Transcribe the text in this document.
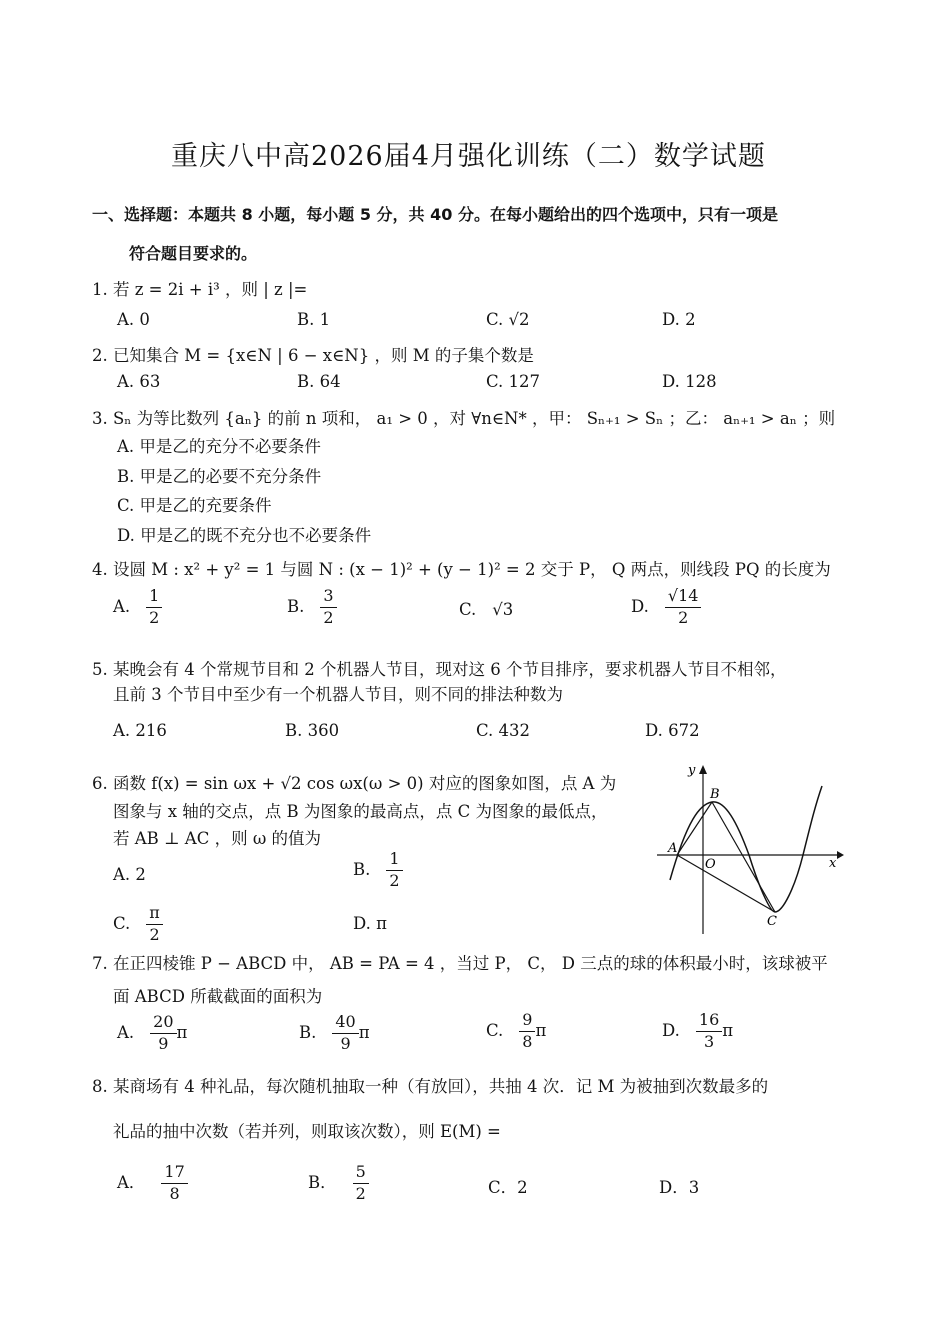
重庆八中高2026届4月强化训练（二）数学试题
一、选择题：本题共 8 小题，每小题 5 分，共 40 分。在每小题给出的四个选项中，只有一项是
符合题目要求的。
1. 若 z = 2i + i³ ，则 | z |=
A. 0	B. 1	C. √2	D. 2
2. 已知集合 M = {x∈N | 6 − x∈N} ，则 M 的子集个数是
A. 63	B. 64	C. 127	D. 128
3. Sₙ 为等比数列 {aₙ} 的前 n 项和， a₁ > 0 ，对 ∀n∈N* ，甲： Sₙ₊₁ > Sₙ ；乙： aₙ₊₁ > aₙ ；则
A. 甲是乙的充分不必要条件
B. 甲是乙的必要不充分条件
C. 甲是乙的充要条件
D. 甲是乙的既不充分也不必要条件
4. 设圆 M : x² + y² = 1 与圆 N : (x − 1)² + (y − 1)² = 2 交于 P， Q 两点，则线段 PQ 的长度为
A. $\frac{1}{2}$	B. $\frac{3}{2}$	C. √3	D. $\frac{√14}{2}$
5. 某晚会有 4 个常规节目和 2 个机器人节目，现对这 6 个节目排序，要求机器人节目不相邻，
且前 3 个节目中至少有一个机器人节目，则不同的排法种数为
A. 216	B. 360	C. 432	D. 672
6. 函数 f(x) = sin ωx + √2 cos ωx(ω > 0) 对应的图象如图，点 A 为
图象与 x 轴的交点，点 B 为图象的最高点，点 C 为图象的最低点，
若 AB ⊥ AC ，则 ω 的值为
A. 2	B. $\frac{1}{2}$
C. $\frac{\pi}{2}$	D. π
y
x
O
A
B
C
7. 在正四棱锥 P − ABCD 中， AB = PA = 4 ，当过 P， C， D 三点的球的体积最小时，该球被平
面 ABCD 所截截面的面积为
A. $\frac{20}{9}$ π	B. $\frac{40}{9}$ π	C. $\frac{9}{8}$ π	D. $\frac{16}{3}$ π
8. 某商场有 4 种礼品，每次随机抽取一种（有放回），共抽 4 次．记 M 为被抽到次数最多的
礼品的抽中次数（若并列，则取该次数），则 E(M) =
A． $\frac{17}{8}$	B． $\frac{5}{2}$	C．2	D．3
